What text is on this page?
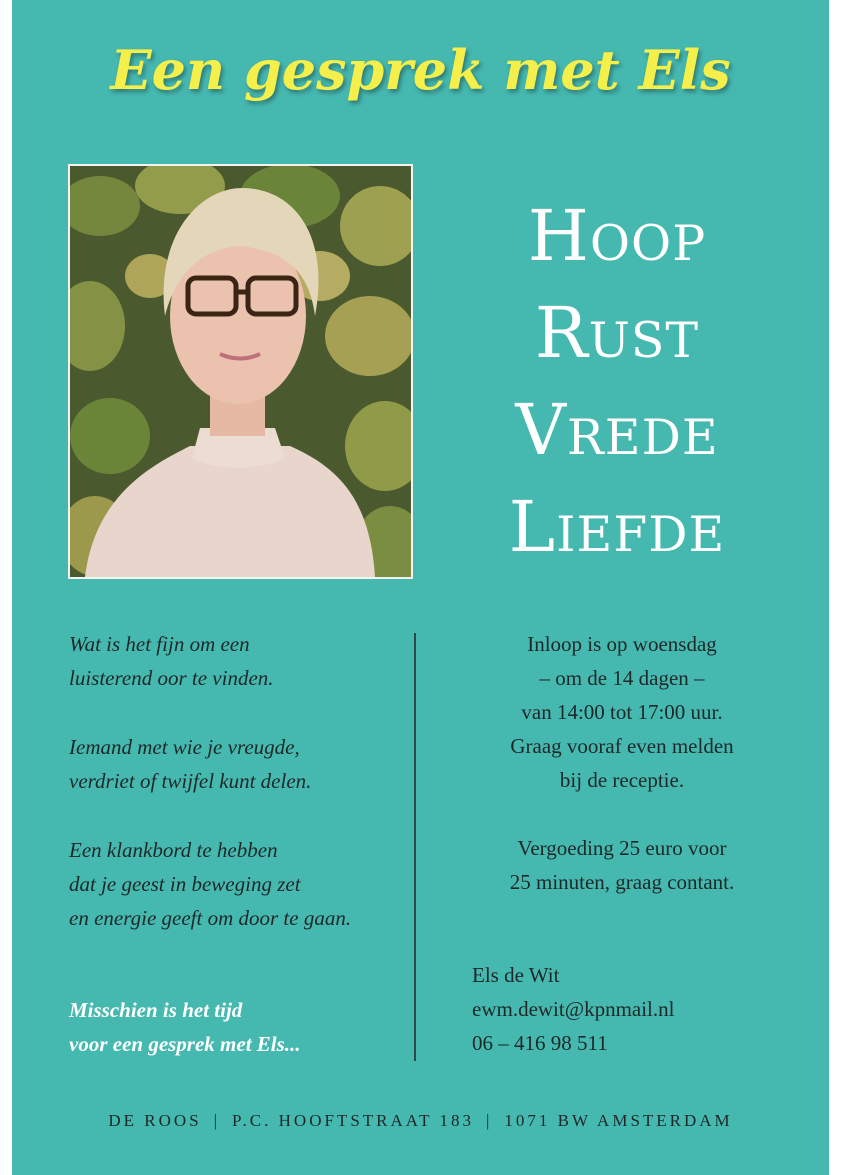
Een gesprek met Els
Hoop
Rust
Vrede
Liefde

Wat is het fijn om een
luisterend oor te vinden.

Iemand met wie je vreugde,
verdriet of twijfel kunt delen.

Een klankbord te hebben
dat je geest in beweging zet
en energie geeft om door te gaan.

Misschien is het tijd
voor een gesprek met Els...

Inloop is op woensdag
– om de 14 dagen –
van 14:00 tot 17:00 uur.
Graag vooraf even melden
bij de receptie.

Vergoeding 25 euro voor
25 minuten, graag contant.

Els de Wit
ewm.dewit@kpnmail.nl
06 – 416 98 511
DE ROOS | P.C. HOOFTSTRAAT 183 | 1071 BW AMSTERDAM
